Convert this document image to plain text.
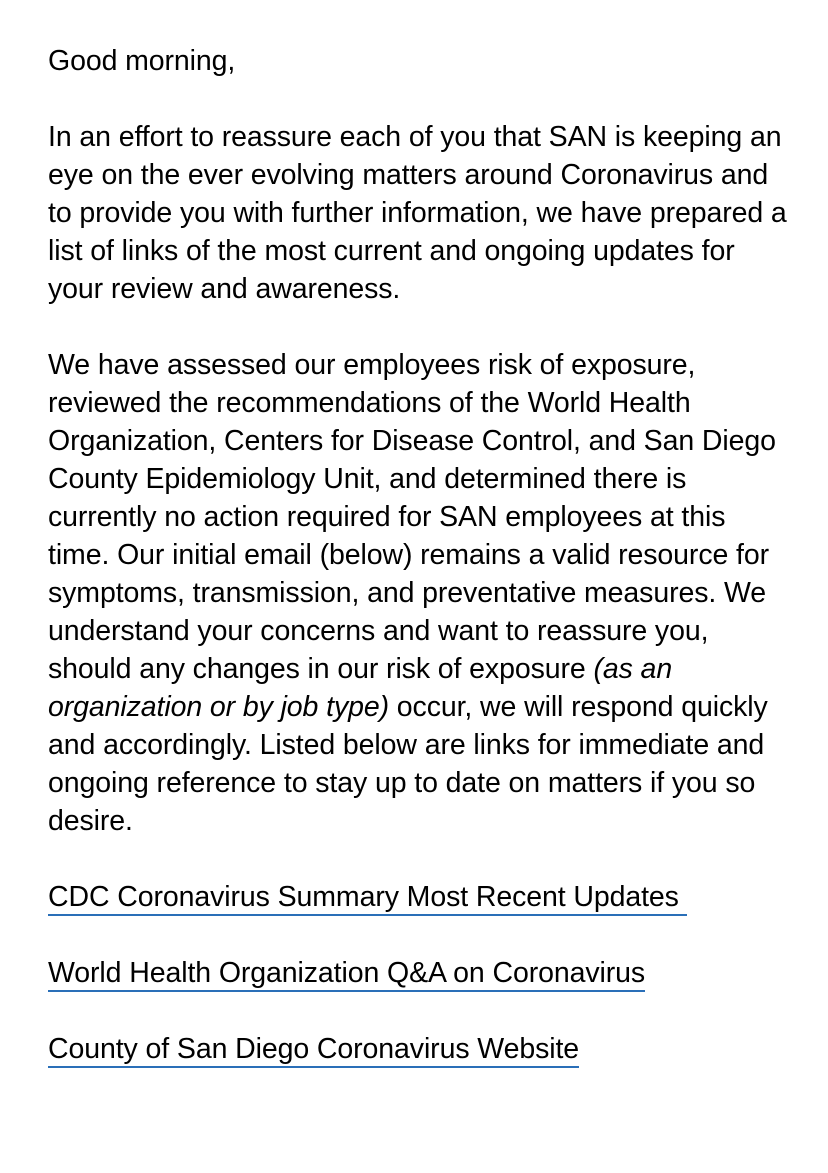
Good morning,

In an effort to reassure each of you that SAN is keeping an eye on the ever evolving matters around Coronavirus and to provide you with further information, we have prepared a list of links of the most current and ongoing updates for your review and awareness.

We have assessed our employees risk of exposure, reviewed the recommendations of the World Health Organization, Centers for Disease Control, and San Diego County Epidemiology Unit, and determined there is currently no action required for SAN employees at this time. Our initial email (below) remains a valid resource for symptoms, transmission, and preventative measures. We understand your concerns and want to reassure you, should any changes in our risk of exposure (as an organization or by job type) occur, we will respond quickly and accordingly. Listed below are links for immediate and ongoing reference to stay up to date on matters if you so desire.

CDC Coronavirus Summary Most Recent Updates
World Health Organization Q&A on Coronavirus
County of San Diego Coronavirus Website
